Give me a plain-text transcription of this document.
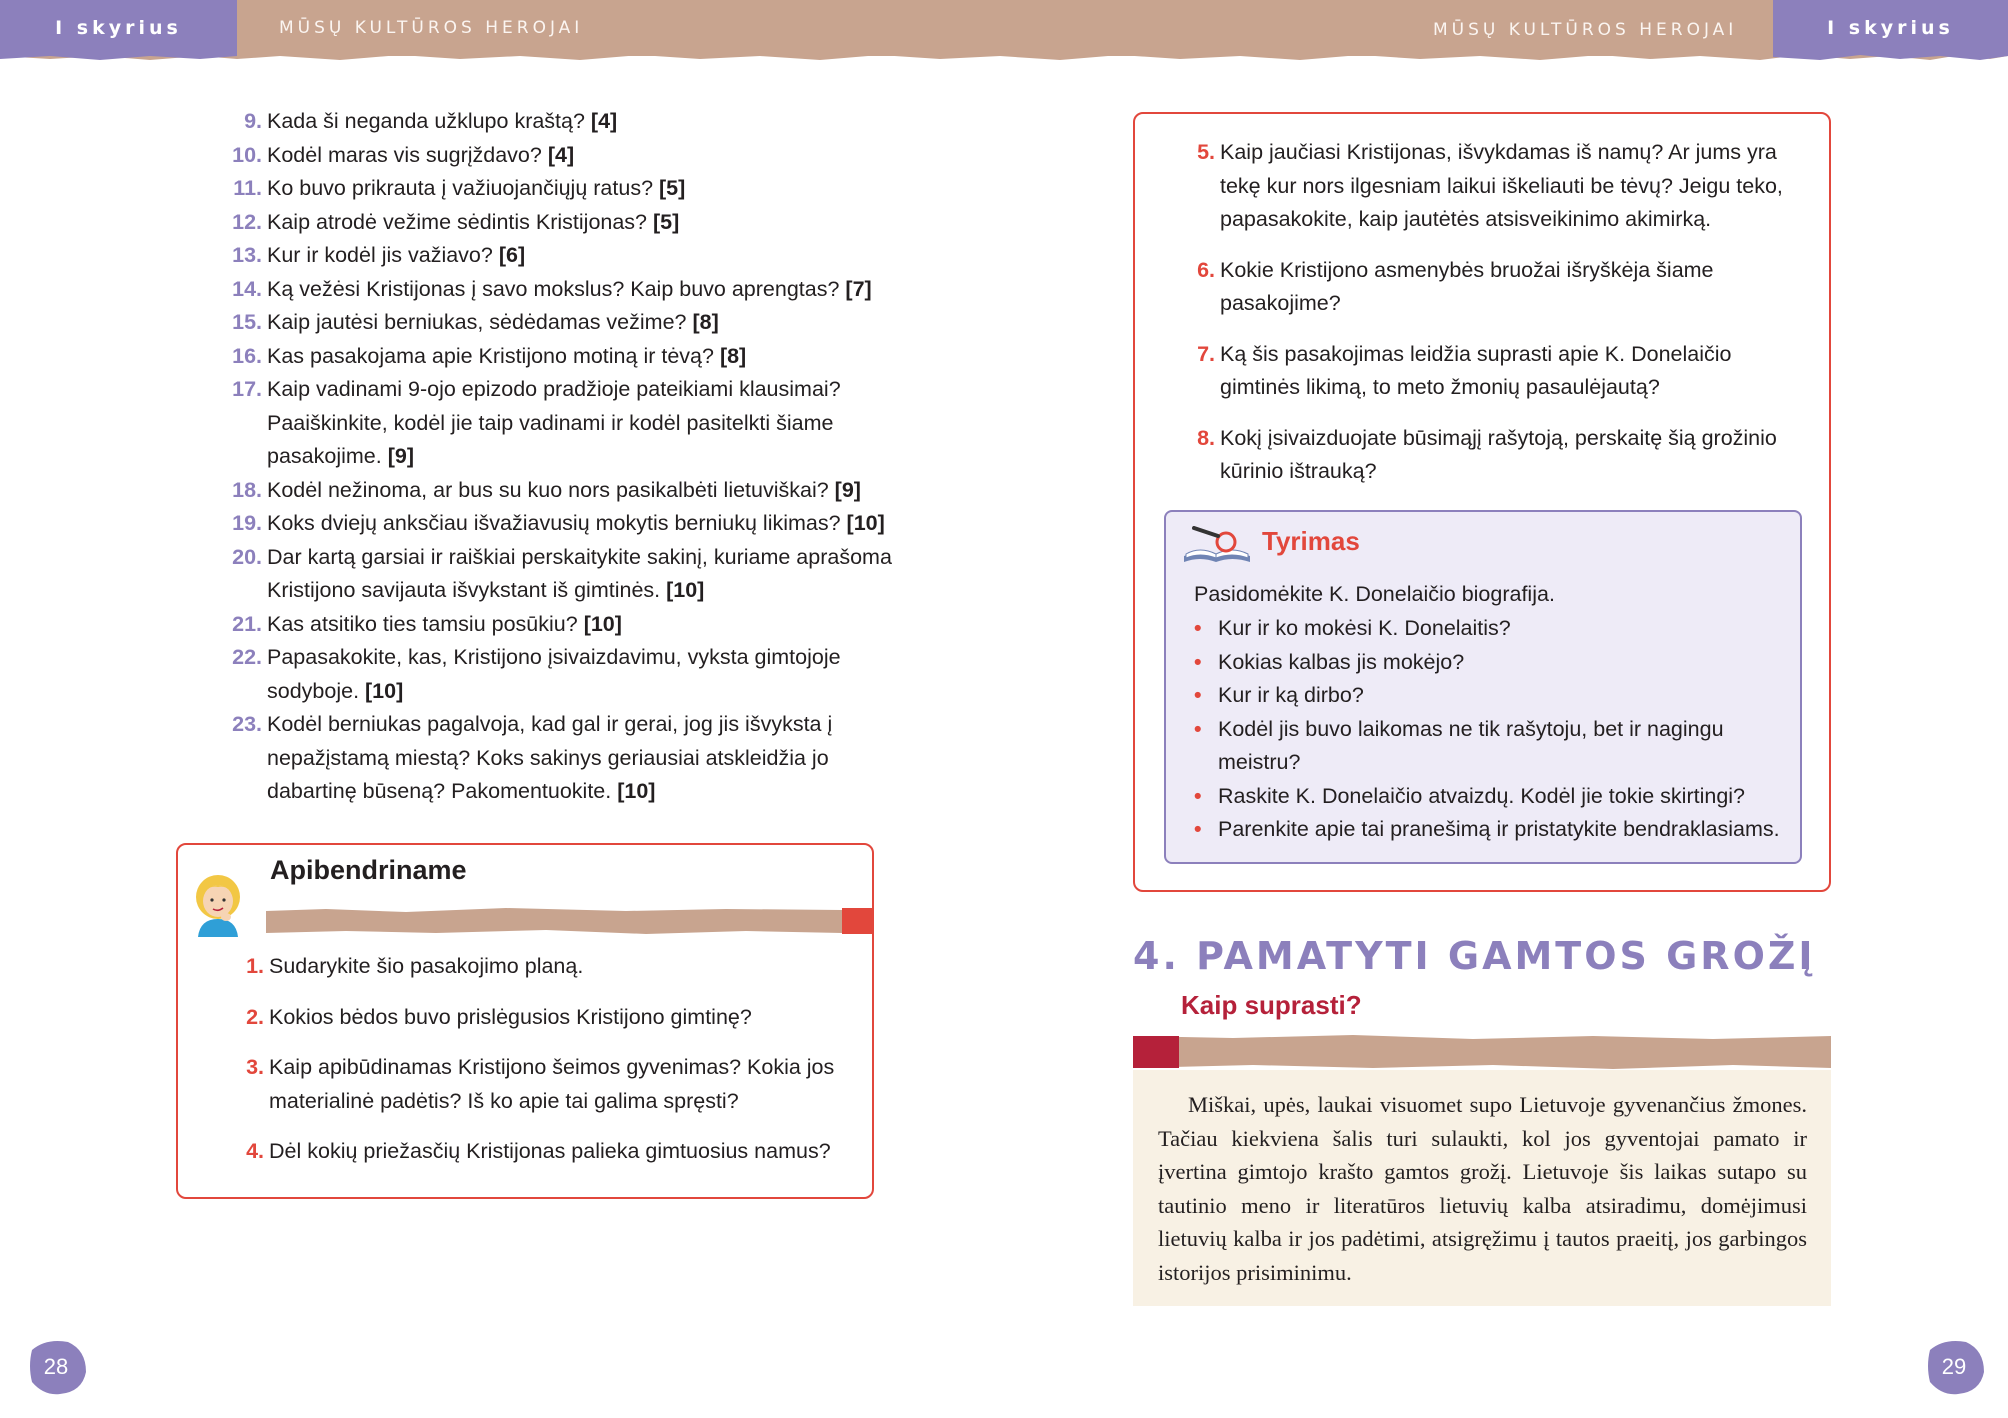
MŪSŲ KULTŪROS HEROJAI
I skyrius	MŪSŲ KULTŪROS HEROJAI	I skyrius
9. Kada ši neganda užklupo kraštą? [4]
10. Kodėl maras vis sugrįždavo? [4]
11. Ko buvo prikrauta į važiuojančiųjų ratus? [5]
12. Kaip atrodė vežime sėdintis Kristijonas? [5]
13. Kur ir kodėl jis važiavo? [6]
14. Ką vežėsi Kristijonas į savo mokslus? Kaip buvo aprengtas? [7]
15. Kaip jautėsi berniukas, sėdėdamas vežime? [8]
16. Kas pasakojama apie Kristijono motiną ir tėvą? [8]
17. Kaip vadinami 9-ojo epizodo pradžioje pateikiami klausimai? Paaiškinkite, kodėl jie taip vadinami ir kodėl pasitelkti šiame pasakojime. [9]
18. Kodėl nežinoma, ar bus su kuo nors pasikalbėti lietuviškai? [9]
19. Koks dviejų anksčiau išvažiavusių mokytis berniukų likimas? [10]
20. Dar kartą garsiai ir raiškiai perskaitykite sakinį, kuriame aprašoma Kristijono savijauta išvykstant iš gimtinės. [10]
21. Kas atsitiko ties tamsiu posūkiu? [10]
22. Papasakokite, kas, Kristijono įsivaizdavimu, vyksta gimtojoje sodyboje. [10]
23. Kodėl berniukas pagalvoja, kad gal ir gerai, jog jis išvyksta į nepažįstamą miestą? Koks sakinys geriausiai atskleidžia jo dabartinę būseną? Pakomentuokite. [10]
Apibendriname
1. Sudarykite šio pasakojimo planą.
2. Kokios bėdos buvo prislėgusios Kristijono gimtinę?
3. Kaip apibūdinamas Kristijono šeimos gyvenimas? Kokia jos materialinė padėtis? Iš ko apie tai galima spręsti?
4. Dėl kokių priežasčių Kristijonas palieka gimtuosius namus?
5. Kaip jaučiasi Kristijonas, išvykdamas iš namų? Ar jums yra tekę kur nors ilgesniam laikui iškeliauti be tėvų? Jeigu teko, papasakokite, kaip jautėtės atsisveikinimo akimirką.
6. Kokie Kristijono asmenybės bruožai išryškėja šiame pasakojime?
7. Ką šis pasakojimas leidžia suprasti apie K. Donelaičio gimtinės likimą, to meto žmonių pasaulėjautą?
8. Kokį įsivaizduojate būsimąjį rašytoją, perskaitę šią grožinio kūrinio ištrauką?
Tyrimas
Pasidomėkite K. Donelaičio biografija.
• Kur ir ko mokėsi K. Donelaitis?
• Kokias kalbas jis mokėjo?
• Kur ir ką dirbo?
• Kodėl jis buvo laikomas ne tik rašytoju, bet ir nagingu meistru?
• Raskite K. Donelaičio atvaizdų. Kodėl jie tokie skirtingi?
• Parenkite apie tai pranešimą ir pristatykite bendraklasiams.
4. PAMATYTI GAMTOS GROŽĮ
Kaip suprasti?

Miškai, upės, laukai visuomet supo Lietuvoje gyvenančius žmones. Tačiau kiekviena šalis turi sulaukti, kol jos gyventojai pamato ir įvertina gimtojo krašto gamtos grožį. Lietuvoje šis laikas sutapo su tautinio meno ir literatūros lietuvių kalba atsiradimu, domėjimusi lietuvių kalba ir jos padėtimi, atsigręžimu į tautos praeitį, jos garbingos istorijos prisiminimu.

28	29
